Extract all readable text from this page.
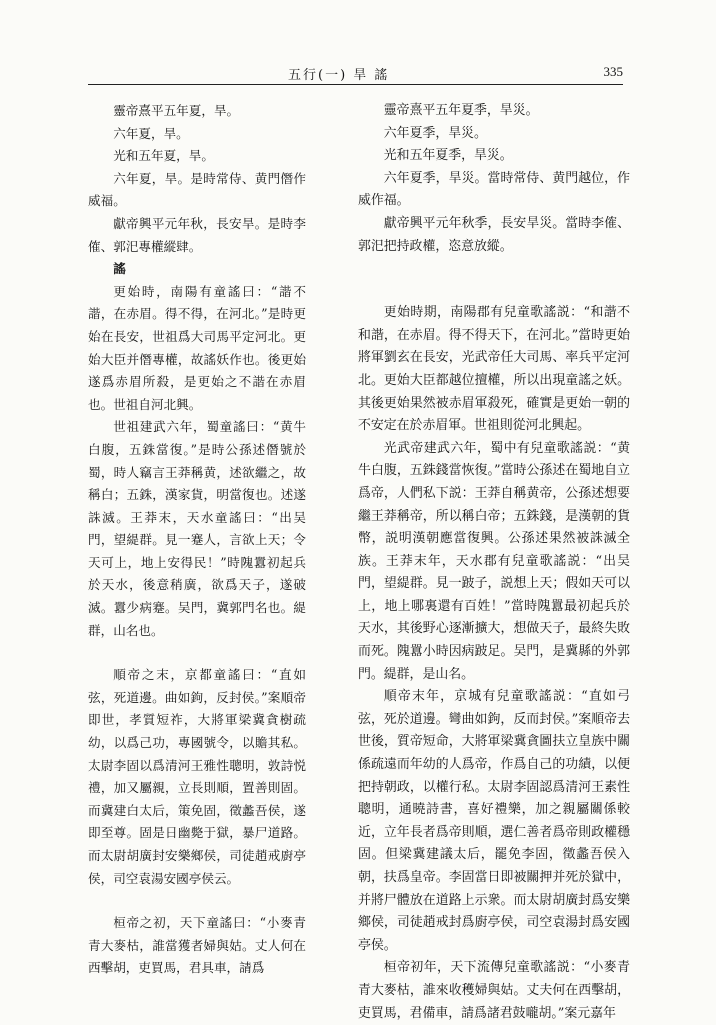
五行(一) 旱 謠	335

靈帝熹平五年夏，旱。

六年夏，旱。

光和五年夏，旱。

六年夏，旱。是時常侍、黄門僭作威福。

獻帝興平元年秋，長安旱。是時李傕、郭汜專權縱肆。

謠

更始時，南陽有童謠曰：“諧不諧，在赤眉。得不得，在河北。”是時更始在長安，世祖爲大司馬平定河北。更始大臣并僭專權，故謠妖作也。後更始遂爲赤眉所殺，是更始之不諧在赤眉也。世祖自河北興。

世祖建武六年，蜀童謠曰：“黄牛白腹，五銖當復。”是時公孫述僭號於蜀，時人竊言王莽稱黄，述欲繼之，故稱白；五銖，漢家貨，明當復也。述遂誅滅。王莽末，天水童謠曰：“出吴門，望緹群。見一蹇人，言欲上天；令天可上，地上安得民！”時隗囂初起兵於天水，後意稍廣，欲爲天子，遂破滅。囂少病蹇。吴門，冀郭門名也。緹群，山名也。

順帝之末，京都童謠曰：“直如弦，死道邊。曲如鉤，反封侯。”案順帝即世，孝質短祚，大將軍梁冀貪樹疏幼，以爲己功，專國號令，以贍其私。太尉李固以爲清河王雅性聰明，敦詩悦禮，加又屬親，立長則順，置善則固。而冀建白太后，策免固，徵蠡吾侯，遂即至尊。固是日幽斃于獄，暴尸道路。而太尉胡廣封安樂鄉侯，司徒趙戒廚亭侯，司空袁湯安國亭侯云。

桓帝之初，天下童謠曰：“小麥青青大麥枯，誰當獲者婦與姑。丈人何在西擊胡，吏買馬，君具車，請爲

靈帝熹平五年夏季，旱災。

六年夏季，旱災。

光和五年夏季，旱災。

六年夏季，旱災。當時常侍、黄門越位，作威作福。

獻帝興平元年秋季，長安旱災。當時李傕、郭汜把持政權，恣意放縱。

更始時期，南陽郡有兒童歌謠説：“和諧不和諧，在赤眉。得不得天下，在河北。”當時更始將軍劉玄在長安，光武帝任大司馬、率兵平定河北。更始大臣都越位擅權，所以出現童謠之妖。其後更始果然被赤眉軍殺死，確實是更始一朝的不安定在於赤眉軍。世祖則從河北興起。

光武帝建武六年，蜀中有兒童歌謠説：“黄牛白腹，五銖錢當恢復。”當時公孫述在蜀地自立爲帝，人們私下説：王莽自稱黄帝，公孫述想要繼王莽稱帝，所以稱白帝；五銖錢，是漢朝的貨幣，説明漢朝應當復興。公孫述果然被誅滅全族。王莽末年，天水郡有兒童歌謠説：“出吴門，望緹群。見一跛子，説想上天；假如天可以上，地上哪裏還有百姓！”當時隗囂最初起兵於天水，其後野心逐漸擴大，想做天子，最終失敗而死。隗囂小時因病跛足。吴門，是冀縣的外郭門。緹群，是山名。

順帝末年，京城有兒童歌謠説：“直如弓弦，死於道邊。彎曲如鉤，反而封侯。”案順帝去世後，質帝短命，大將軍梁冀貪圖扶立皇族中關係疏遠而年幼的人爲帝，作爲自己的功績，以便把持朝政，以權行私。太尉李固認爲清河王素性聰明，通曉詩書，喜好禮樂，加之親屬關係較近，立年長者爲帝則順，選仁善者爲帝則政權穩固。但梁冀建議太后，罷免李固，徵蠡吾侯入朝，扶爲皇帝。李固當日即被關押并死於獄中，并將尸體放在道路上示衆。而太尉胡廣封爲安樂鄉侯，司徒趙戒封爲廚亭侯，司空袁湯封爲安國亭侯。

桓帝初年，天下流傳兒童歌謠説：“小麥青青大麥枯，誰來收穫婦與姑。丈夫何在西擊胡，吏買馬，君備車，請爲諸君鼓嚨胡。”案元嘉年
